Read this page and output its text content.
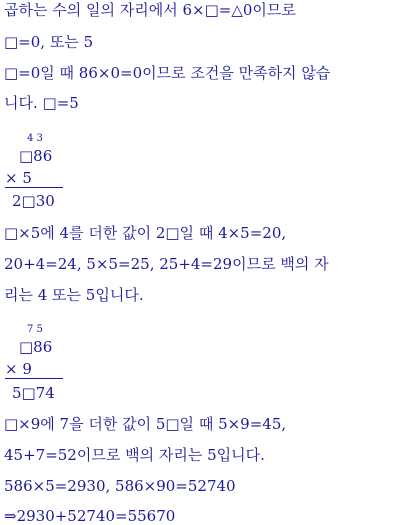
곱하는 수의 일의 자리에서 6×□=△0이므로
□=0, 또는 5
□=0일 때 86×0=0이므로 조건을 만족하지 않습
니다. □=5
4 3
□86
× 5
2□30
□×5에 4를 더한 값이 2□일 때 4×5=20,
20+4=24, 5×5=25, 25+4=29이므로 백의 자
리는 4 또는 5입니다.
7 5
□86
× 9
5□74
□×9에 7을 더한 값이 5□일 때 5×9=45,
45+7=52이므로 백의 자리는 5입니다.
586×5=2930, 586×90=52740
⇒2930+52740=55670
